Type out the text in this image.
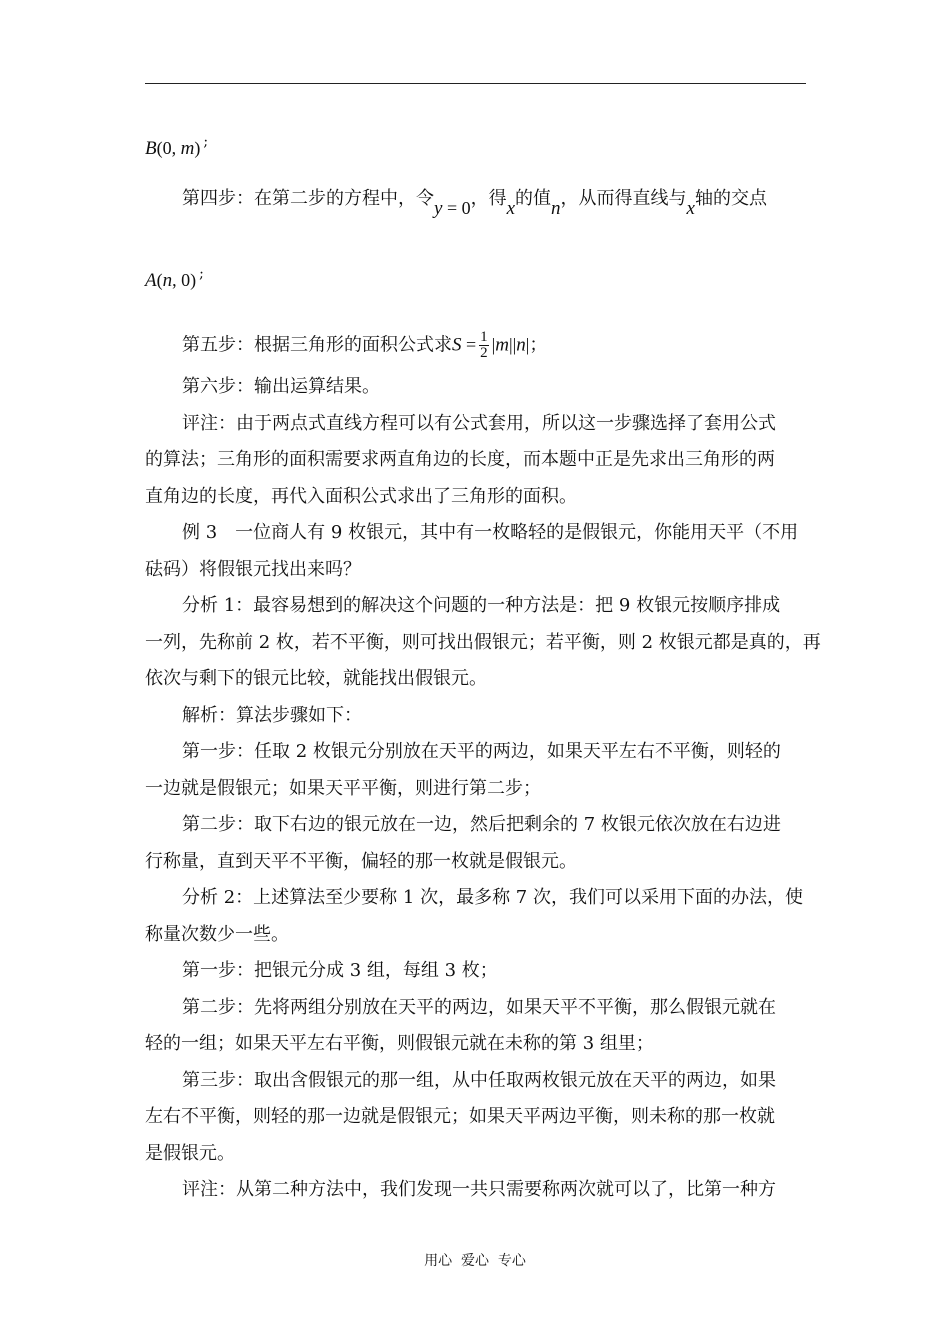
B(0, m) ;
第四步：在第二步的方程中，令y = 0，得x的值n，从而得直线与x轴的交点
A(n, 0) ;
第五步：根据三角形的面积公式求$S = \frac{1}{2} |m||n|$；
第六步：输出运算结果。
评注：由于两点式直线方程可以有公式套用，所以这一步骤选择了套用公式
的算法；三角形的面积需要求两直角边的长度，而本题中正是先求出三角形的两
直角边的长度，再代入面积公式求出了三角形的面积。
例 3　一位商人有 9 枚银元，其中有一枚略轻的是假银元，你能用天平（不用
砝码）将假银元找出来吗？
分析 1：最容易想到的解决这个问题的一种方法是：把 9 枚银元按顺序排成
一列，先称前 2 枚，若不平衡，则可找出假银元；若平衡，则 2 枚银元都是真的，再
依次与剩下的银元比较，就能找出假银元。
解析：算法步骤如下：
第一步：任取 2 枚银元分别放在天平的两边，如果天平左右不平衡，则轻的
一边就是假银元；如果天平平衡，则进行第二步；
第二步：取下右边的银元放在一边，然后把剩余的 7 枚银元依次放在右边进
行称量，直到天平不平衡，偏轻的那一枚就是假银元。
分析 2：上述算法至少要称 1 次，最多称 7 次，我们可以采用下面的办法，使
称量次数少一些。
第一步：把银元分成 3 组，每组 3 枚；
第二步：先将两组分别放在天平的两边，如果天平不平衡，那么假银元就在
轻的一组；如果天平左右平衡，则假银元就在未称的第 3 组里；
第三步：取出含假银元的那一组，从中任取两枚银元放在天平的两边，如果
左右不平衡，则轻的那一边就是假银元；如果天平两边平衡，则未称的那一枚就
是假银元。
评注：从第二种方法中，我们发现一共只需要称两次就可以了，比第一种方
用心  爱心  专心
